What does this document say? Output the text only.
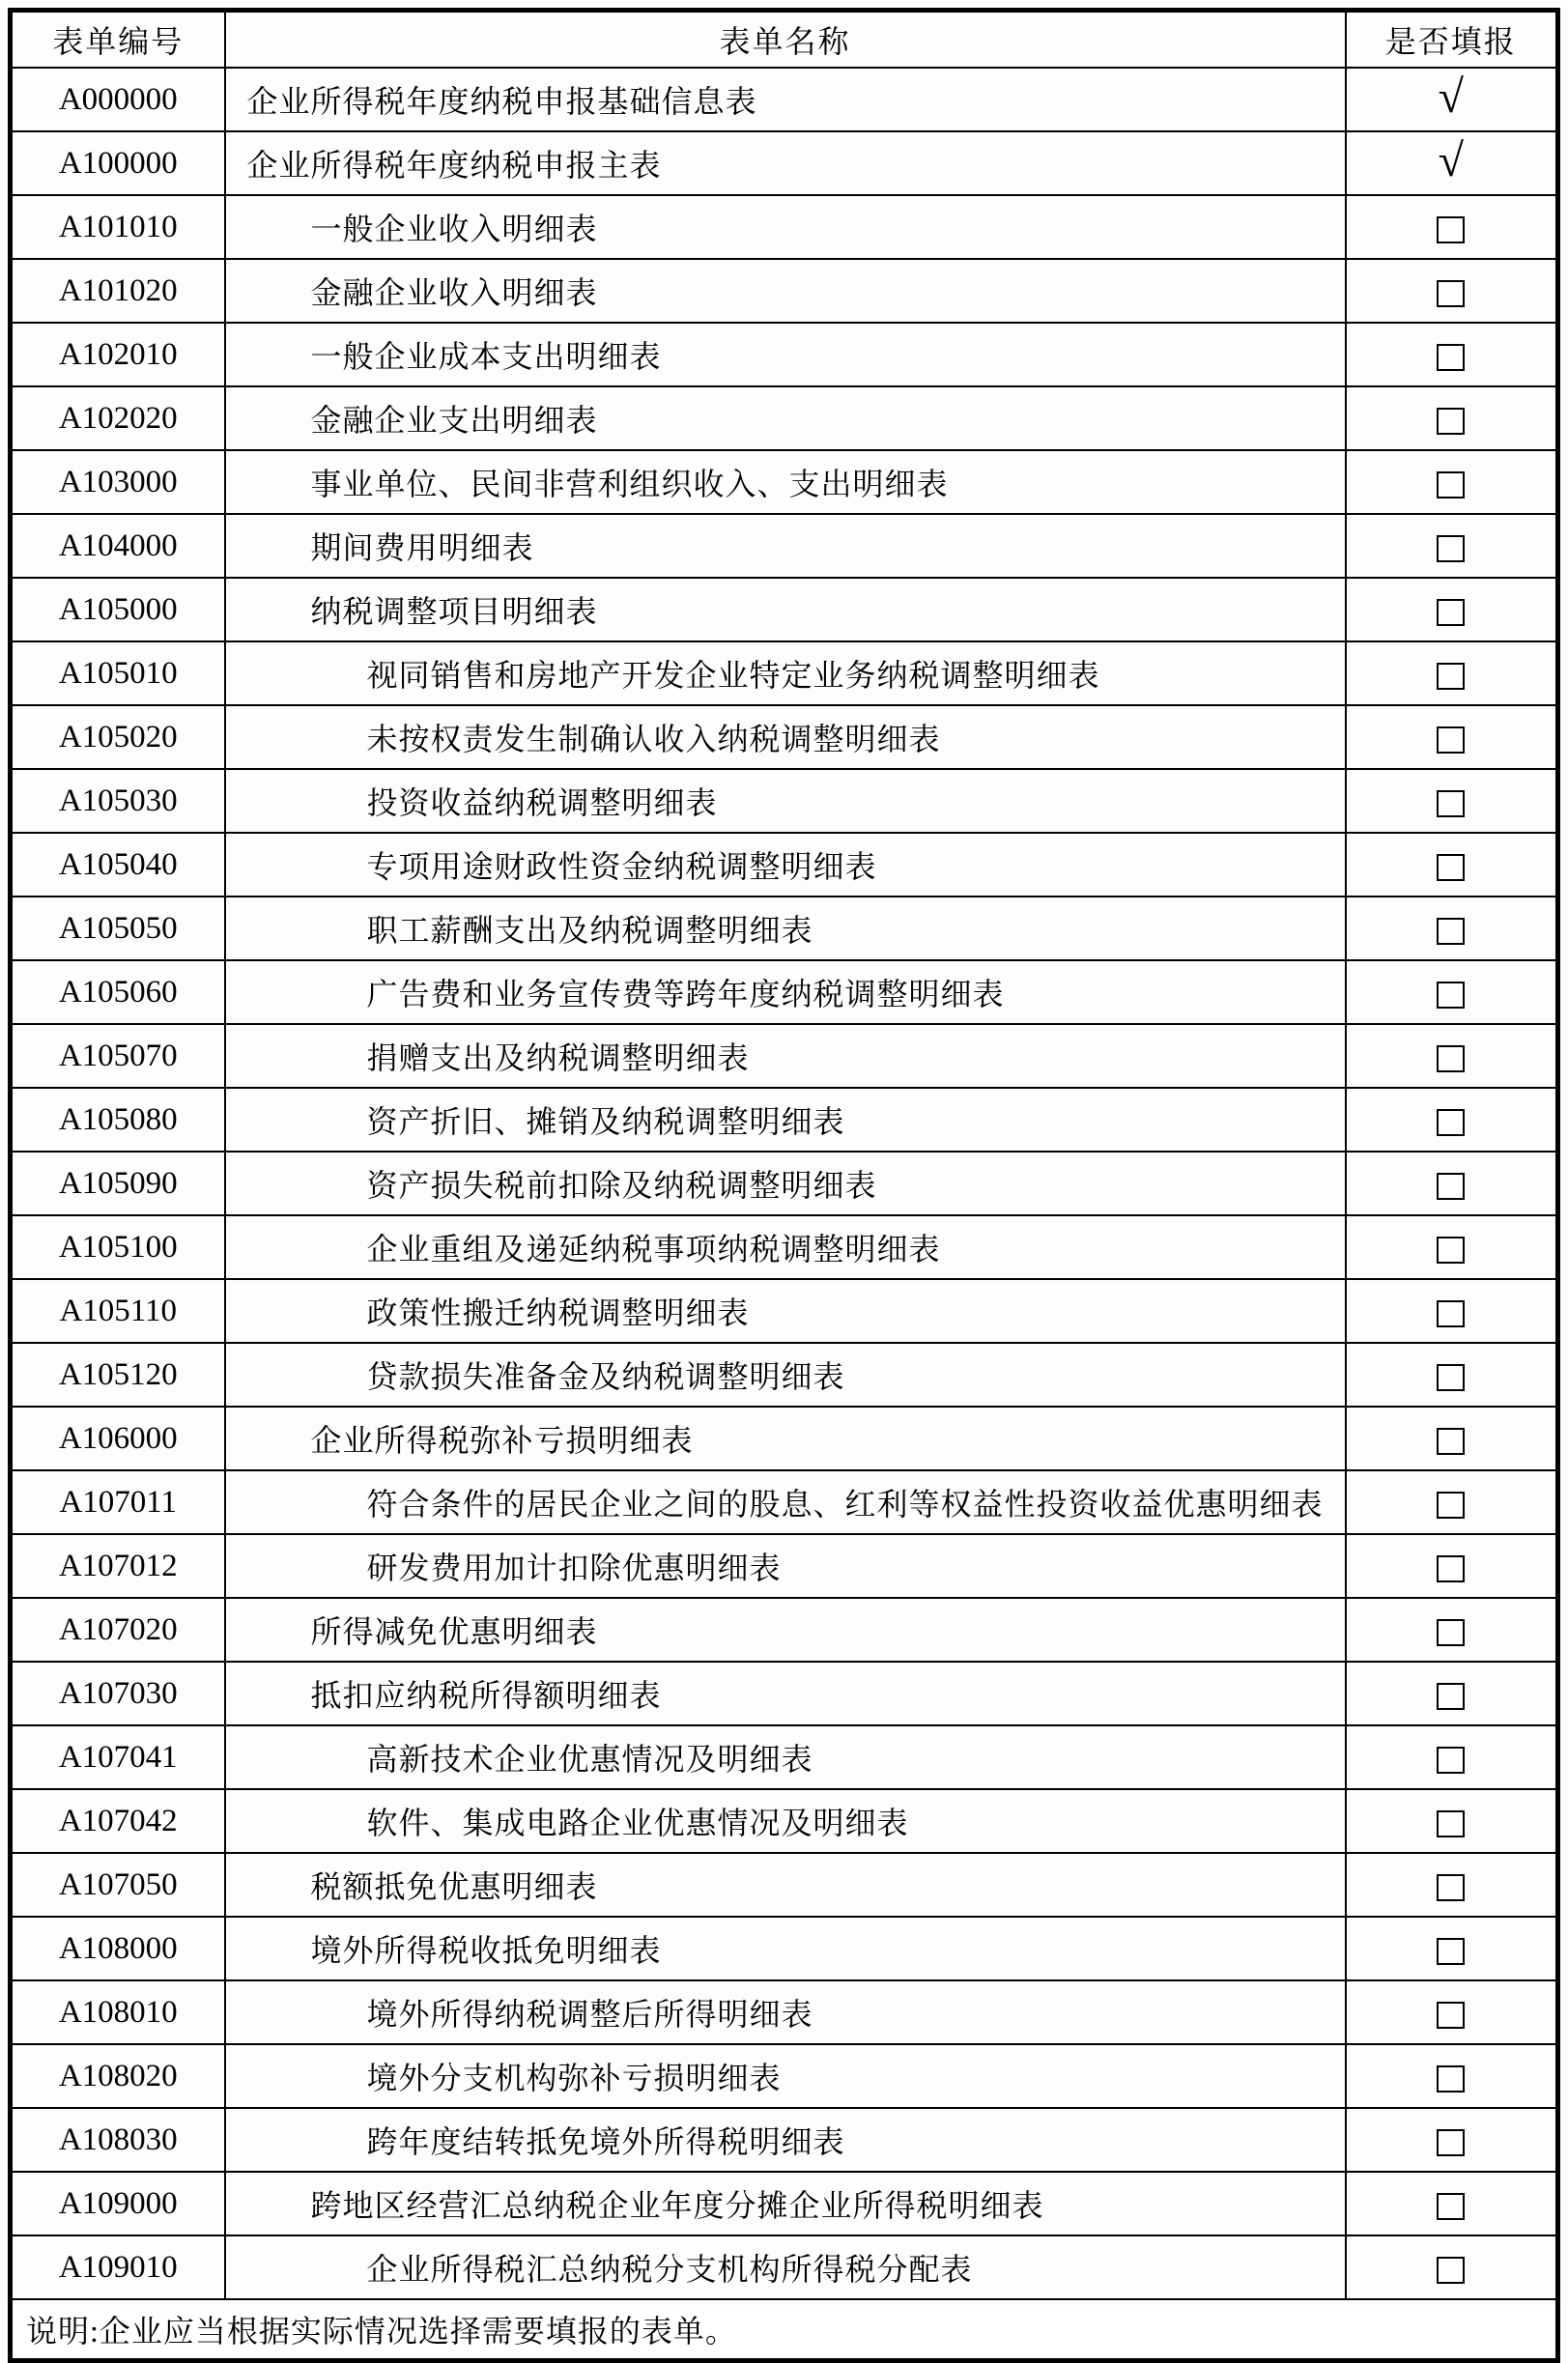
表单编号	表单名称	是否填报
A000000	企业所得税年度纳税申报基础信息表	√
A100000	企业所得税年度纳税申报主表	√
A101010	一般企业收入明细表	
A101020	金融企业收入明细表	
A102010	一般企业成本支出明细表	
A102020	金融企业支出明细表	
A103000	事业单位、民间非营利组织收入、支出明细表	
A104000	期间费用明细表	
A105000	纳税调整项目明细表	
A105010	视同销售和房地产开发企业特定业务纳税调整明细表	
A105020	未按权责发生制确认收入纳税调整明细表	
A105030	投资收益纳税调整明细表	
A105040	专项用途财政性资金纳税调整明细表	
A105050	职工薪酬支出及纳税调整明细表	
A105060	广告费和业务宣传费等跨年度纳税调整明细表	
A105070	捐赠支出及纳税调整明细表	
A105080	资产折旧、摊销及纳税调整明细表	
A105090	资产损失税前扣除及纳税调整明细表	
A105100	企业重组及递延纳税事项纳税调整明细表	
A105110	政策性搬迁纳税调整明细表	
A105120	贷款损失准备金及纳税调整明细表	
A106000	企业所得税弥补亏损明细表	
A107011	符合条件的居民企业之间的股息、红利等权益性投资收益优惠明细表	
A107012	研发费用加计扣除优惠明细表	
A107020	所得减免优惠明细表	
A107030	抵扣应纳税所得额明细表	
A107041	高新技术企业优惠情况及明细表	
A107042	软件、集成电路企业优惠情况及明细表	
A107050	税额抵免优惠明细表	
A108000	境外所得税收抵免明细表	
A108010	境外所得纳税调整后所得明细表	
A108020	境外分支机构弥补亏损明细表	
A108030	跨年度结转抵免境外所得税明细表	
A109000	跨地区经营汇总纳税企业年度分摊企业所得税明细表	
A109010	企业所得税汇总纳税分支机构所得税分配表	
说明:企业应当根据实际情况选择需要填报的表单。		
